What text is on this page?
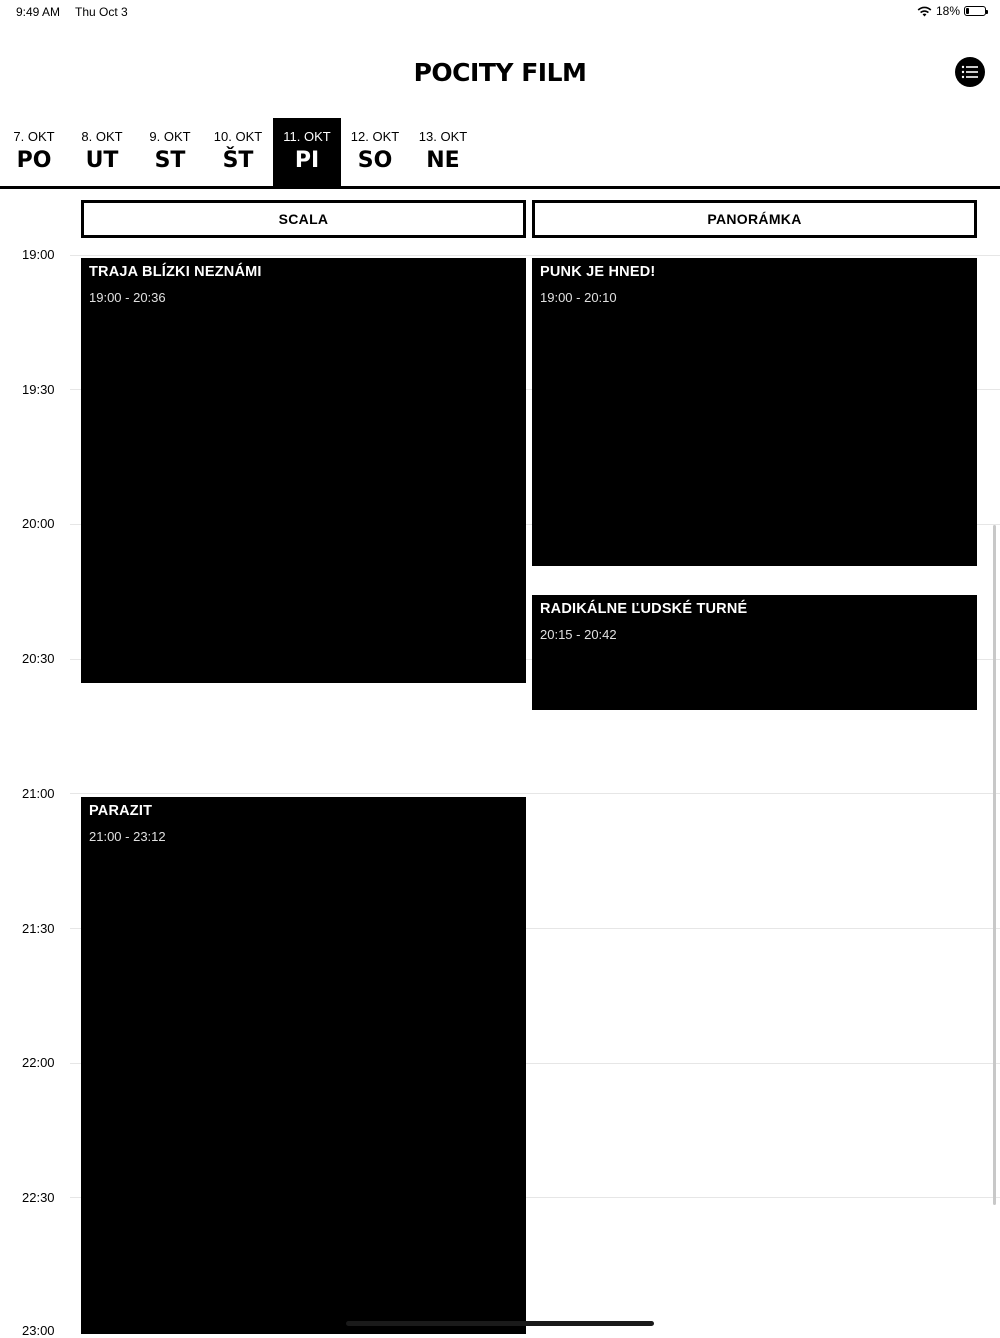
9:49 AM Thu Oct 3	18%
POCITY FILM
7. OKT
PO
8. OKT
UT
9. OKT
ST
10. OKT
ŠT
11. OKT
PI
12. OKT
SO
13. OKT
NE
SCALA	PANORÁMKA
19:00
19:30
20:00
20:30
21:00
21:30
22:00
22:30
23:00
TRAJA BLÍZKI NEZNÁMI
19:00 - 20:36
PUNK JE HNED!
19:00 - 20:10
RADIKÁLNE ĽUDSKÉ TURNÉ
20:15 - 20:42
PARAZIT
21:00 - 23:12
